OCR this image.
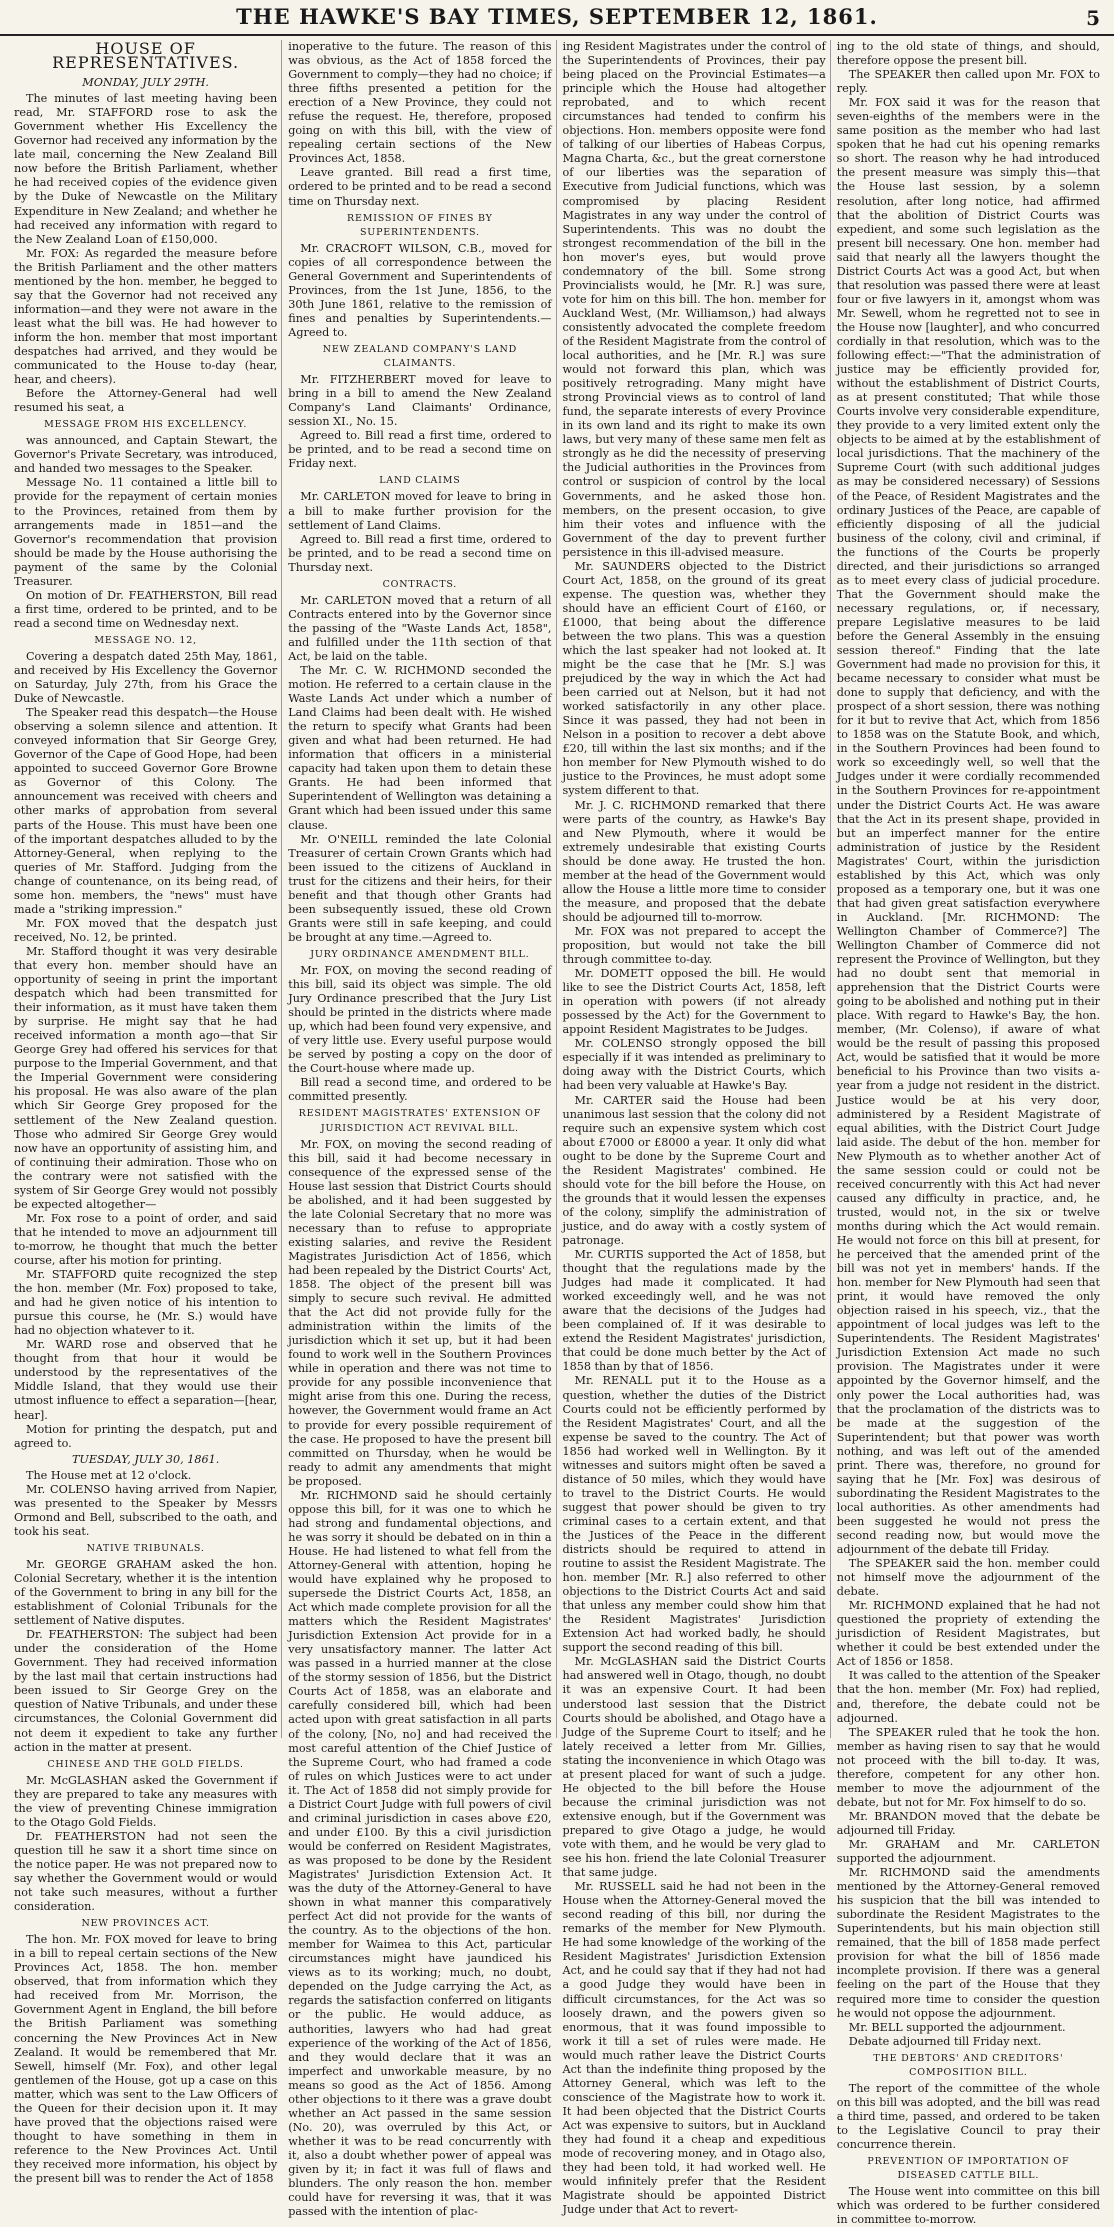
THE HAWKE'S BAY TIMES, SEPTEMBER 12, 1861.	5
HOUSE OF REPRESENTATIVES.

MONDAY, JULY 29TH.

The minutes of last meeting having been read, Mr. STAFFORD rose to ask the Government whether His Excellency the Governor had received any information by the late mail, concerning the New Zealand Bill now before the British Parliament, whether he had received copies of the evidence given by the Duke of Newcastle on the Military Expenditure in New Zealand; and whether he had received any information with regard to the New Zealand Loan of £150,000.

Mr. FOX: As regarded the measure before the British Parliament and the other matters mentioned by the hon. member, he begged to say that the Governor had not received any information—and they were not aware in the least what the bill was. He had however to inform the hon. member that most important despatches had arrived, and they would be communicated to the House to-day (hear, hear, and cheers).

Before the Attorney-General had well resumed his seat, a

MESSAGE FROM HIS EXCELLENCY.

was announced, and Captain Stewart, the Governor's Private Secretary, was introduced, and handed two messages to the Speaker.

Message No. 11 contained a little bill to provide for the repayment of certain monies to the Provinces, retained from them by arrangements made in 1851—and the Governor's recommendation that provision should be made by the House authorising the payment of the same by the Colonial Treasurer.

On motion of Dr. FEATHERSTON, Bill read a first time, ordered to be printed, and to be read a second time on Wednesday next.

MESSAGE NO. 12,

Covering a despatch dated 25th May, 1861, and received by His Excellency the Governor on Saturday, July 27th, from his Grace the Duke of Newcastle.

The Speaker read this despatch—the House observing a solemn silence and attention. It conveyed information that Sir George Grey, Governor of the Cape of Good Hope, had been appointed to succeed Governor Gore Browne as Governor of this Colony. The announcement was received with cheers and other marks of approbation from several parts of the House. This must have been one of the important despatches alluded to by the Attorney-General, when replying to the queries of Mr. Stafford. Judging from the change of countenance, on its being read, of some hon. members, the "news" must have made a "striking impression."

Mr. FOX moved that the despatch just received, No. 12, be printed.

Mr. Stafford thought it was very desirable that every hon. member should have an opportunity of seeing in print the important despatch which had been transmitted for their information, as it must have taken them by surprise. He might say that he had received information a month ago—that Sir George Grey had offered his services for that purpose to the Imperial Government, and that the Imperial Government were considering his proposal. He was also aware of the plan which Sir George Grey proposed for the settlement of the New Zealand question. Those who admired Sir George Grey would now have an opportunity of assisting him, and of continuing their admiration. Those who on the contrary were not satisfied with the system of Sir George Grey would not possibly be expected altogether—

Mr. Fox rose to a point of order, and said that he intended to move an adjournment till to-morrow, he thought that much the better course, after his motion for printing.

Mr. STAFFORD quite recognized the step the hon. member (Mr. Fox) proposed to take, and had he given notice of his intention to pursue this course, he (Mr. S.) would have had no objection whatever to it.

Mr. WARD rose and observed that he thought from that hour it would be understood by the representatives of the Middle Island, that they would use their utmost influence to effect a separation—[hear, hear].

Motion for printing the despatch, put and agreed to.

TUESDAY, JULY 30, 1861.

The House met at 12 o'clock.

Mr. COLENSO having arrived from Napier, was presented to the Speaker by Messrs Ormond and Bell, subscribed to the oath, and took his seat.

NATIVE TRIBUNALS.

Mr. GEORGE GRAHAM asked the hon. Colonial Secretary, whether it is the intention of the Government to bring in any bill for the establishment of Colonial Tribunals for the settlement of Native disputes.

Dr. FEATHERSTON: The subject had been under the consideration of the Home Government. They had received information by the last mail that certain instructions had been issued to Sir George Grey on the question of Native Tribunals, and under these circumstances, the Colonial Government did not deem it expedient to take any further action in the matter at present.

CHINESE AND THE GOLD FIELDS.

Mr. McGLASHAN asked the Government if they are prepared to take any measures with the view of preventing Chinese immigration to the Otago Gold Fields.

Dr. FEATHERSTON had not seen the question till he saw it a short time since on the notice paper. He was not prepared now to say whether the Government would or would not take such measures, without a further consideration.

NEW PROVINCES ACT.

The hon. Mr. FOX moved for leave to bring in a bill to repeal certain sections of the New Provinces Act, 1858. The hon. member observed, that from information which they had received from Mr. Morrison, the Government Agent in England, the bill before the British Parliament was something concerning the New Provinces Act in New Zealand. It would be remembered that Mr. Sewell, himself (Mr. Fox), and other legal gentlemen of the House, got up a case on this matter, which was sent to the Law Officers of the Queen for their decision upon it. It may have proved that the objections raised were thought to have something in them in reference to the New Provinces Act. Until they received more information, his object by the present bill was to render the Act of 1858

inoperative to the future. The reason of this was obvious, as the Act of 1858 forced the Government to comply—they had no choice; if three fifths presented a petition for the erection of a New Province, they could not refuse the request. He, therefore, proposed going on with this bill, with the view of repealing certain sections of the New Provinces Act, 1858.

Leave granted. Bill read a first time, ordered to be printed and to be read a second time on Thursday next.

REMISSION OF FINES BY SUPERINTENDENTS.

Mr. CRACROFT WILSON, C.B., moved for copies of all correspondence between the General Government and Superintendents of Provinces, from the 1st June, 1856, to the 30th June 1861, relative to the remission of fines and penalties by Superintendents.—Agreed to.

NEW ZEALAND COMPANY'S LAND CLAIMANTS.

Mr. FITZHERBERT moved for leave to bring in a bill to amend the New Zealand Company's Land Claimants' Ordinance, session XI., No. 15.

Agreed to. Bill read a first time, ordered to be printed, and to be read a second time on Friday next.

LAND CLAIMS

Mr. CARLETON moved for leave to bring in a bill to make further provision for the settlement of Land Claims.

Agreed to. Bill read a first time, ordered to be printed, and to be read a second time on Thursday next.

CONTRACTS.

Mr. CARLETON moved that a return of all Contracts entered into by the Governor since the passing of the "Waste Lands Act, 1858", and fulfilled under the 11th section of that Act, be laid on the table.

The Mr. C. W. RICHMOND seconded the motion. He referred to a certain clause in the Waste Lands Act under which a number of Land Claims had been dealt with. He wished the return to specify what Grants had been given and what had been returned. He had information that officers in a ministerial capacity had taken upon them to detain these Grants. He had been informed that Superintendent of Wellington was detaining a Grant which had been issued under this same clause.

Mr. O'NEILL reminded the late Colonial Treasurer of certain Crown Grants which had been issued to the citizens of Auckland in trust for the citizens and their heirs, for their benefit and that though other Grants had been subsequently issued, these old Crown Grants were still in safe keeping, and could be brought at any time.—Agreed to.

JURY ORDINANCE AMENDMENT BILL.

Mr. FOX, on moving the second reading of this bill, said its object was simple. The old Jury Ordinance prescribed that the Jury List should be printed in the districts where made up, which had been found very expensive, and of very little use. Every useful purpose would be served by posting a copy on the door of the Court-house where made up.

Bill read a second time, and ordered to be committed presently.

RESIDENT MAGISTRATES' EXTENSION OF JURISDICTION ACT REVIVAL BILL.

Mr. FOX, on moving the second reading of this bill, said it had become necessary in consequence of the expressed sense of the House last session that District Courts should be abolished, and it had been suggested by the late Colonial Secretary that no more was necessary than to refuse to appropriate existing salaries, and revive the Resident Magistrates Jurisdiction Act of 1856, which had been repealed by the District Courts' Act, 1858. The object of the present bill was simply to secure such revival. He admitted that the Act did not provide fully for the administration within the limits of the jurisdiction which it set up, but it had been found to work well in the Southern Provinces while in operation and there was not time to provide for any possible inconvenience that might arise from this one. During the recess, however, the Government would frame an Act to provide for every possible requirement of the case. He proposed to have the present bill committed on Thursday, when he would be ready to admit any amendments that might be proposed.

Mr. RICHMOND said he should certainly oppose this bill, for it was one to which he had strong and fundamental objections, and he was sorry it should be debated on in thin a House. He had listened to what fell from the Attorney-General with attention, hoping he would have explained why he proposed to supersede the District Courts Act, 1858, an Act which made complete provision for all the matters which the Resident Magistrates' Jurisdiction Extension Act provide for in a very unsatisfactory manner. The latter Act was passed in a hurried manner at the close of the stormy session of 1856, but the District Courts Act of 1858, was an elaborate and carefully considered bill, which had been acted upon with great satisfaction in all parts of the colony, [No, no] and had received the most careful attention of the Chief Justice of the Supreme Court, who had framed a code of rules on which Justices were to act under it. The Act of 1858 did not simply provide for a District Court Judge with full powers of civil and criminal jurisdiction in cases above £20, and under £100. By this a civil jurisdiction would be conferred on Resident Magistrates, as was proposed to be done by the Resident Magistrates' Jurisdiction Extension Act. It was the duty of the Attorney-General to have shown in what manner this comparatively perfect Act did not provide for the wants of the country. As to the objections of the hon. member for Waimea to this Act, particular circumstances might have jaundiced his views as to its working; much, no doubt, depended on the Judge carrying the Act, as regards the satisfaction conferred on litigants or the public. He would adduce, as authorities, lawyers who had had great experience of the working of the Act of 1856, and they would declare that it was an imperfect and unworkable measure, by no means so good as the Act of 1856. Among other objections to it there was a grave doubt whether an Act passed in the same session (No. 20), was overruled by this Act, or whether it was to be read concurrently with it, also a doubt whether power of appeal was given by it; in fact it was full of flaws and blunders. The only reason the hon. member could have for reversing it was, that it was passed with the intention of plac-

ing Resident Magistrates under the control of the Superintendents of Provinces, their pay being placed on the Provincial Estimates—a principle which the House had altogether reprobated, and to which recent circumstances had tended to confirm his objections. Hon. members opposite were fond of talking of our liberties of Habeas Corpus, Magna Charta, &c., but the great cornerstone of our liberties was the separation of Executive from Judicial functions, which was compromised by placing Resident Magistrates in any way under the control of Superintendents. This was no doubt the strongest recommendation of the bill in the hon mover's eyes, but would prove condemnatory of the bill. Some strong Provincialists would, he [Mr. R.] was sure, vote for him on this bill. The hon. member for Auckland West, (Mr. Williamson,) had always consistently advocated the complete freedom of the Resident Magistrate from the control of local authorities, and he [Mr. R.] was sure would not forward this plan, which was positively retrograding. Many might have strong Provincial views as to control of land fund, the separate interests of every Province in its own land and its right to make its own laws, but very many of these same men felt as strongly as he did the necessity of preserving the Judicial authorities in the Provinces from control or suspicion of control by the local Governments, and he asked those hon. members, on the present occasion, to give him their votes and influence with the Government of the day to prevent further persistence in this ill-advised measure.

Mr. SAUNDERS objected to the District Court Act, 1858, on the ground of its great expense. The question was, whether they should have an efficient Court of £160, or £1000, that being about the difference between the two plans. This was a question which the last speaker had not looked at. It might be the case that he [Mr. S.] was prejudiced by the way in which the Act had been carried out at Nelson, but it had not worked satisfactorily in any other place. Since it was passed, they had not been in Nelson in a position to recover a debt above £20, till within the last six months; and if the hon member for New Plymouth wished to do justice to the Provinces, he must adopt some system different to that.

Mr. J. C. RICHMOND remarked that there were parts of the country, as Hawke's Bay and New Plymouth, where it would be extremely undesirable that existing Courts should be done away. He trusted the hon. member at the head of the Government would allow the House a little more time to consider the measure, and proposed that the debate should be adjourned till to-morrow.

Mr. FOX was not prepared to accept the proposition, but would not take the bill through committee to-day.

Mr. DOMETT opposed the bill. He would like to see the District Courts Act, 1858, left in operation with powers (if not already possessed by the Act) for the Government to appoint Resident Magistrates to be Judges.

Mr. COLENSO strongly opposed the bill especially if it was intended as preliminary to doing away with the District Courts, which had been very valuable at Hawke's Bay.

Mr. CARTER said the House had been unanimous last session that the colony did not require such an expensive system which cost about £7000 or £8000 a year. It only did what ought to be done by the Supreme Court and the Resident Magistrates' combined. He should vote for the bill before the House, on the grounds that it would lessen the expenses of the colony, simplify the administration of justice, and do away with a costly system of patronage.

Mr. CURTIS supported the Act of 1858, but thought that the regulations made by the Judges had made it complicated. It had worked exceedingly well, and he was not aware that the decisions of the Judges had been complained of. If it was desirable to extend the Resident Magistrates' jurisdiction, that could be done much better by the Act of 1858 than by that of 1856.

Mr. RENALL put it to the House as a question, whether the duties of the District Courts could not be efficiently performed by the Resident Magistrates' Court, and all the expense be saved to the country. The Act of 1856 had worked well in Wellington. By it witnesses and suitors might often be saved a distance of 50 miles, which they would have to travel to the District Courts. He would suggest that power should be given to try criminal cases to a certain extent, and that the Justices of the Peace in the different districts should be required to attend in routine to assist the Resident Magistrate. The hon. member [Mr. R.] also referred to other objections to the District Courts Act and said that unless any member could show him that the Resident Magistrates' Jurisdiction Extension Act had worked badly, he should support the second reading of this bill.

Mr. McGLASHAN said the District Courts had answered well in Otago, though, no doubt it was an expensive Court. It had been understood last session that the District Courts should be abolished, and Otago have a Judge of the Supreme Court to itself; and he lately received a letter from Mr. Gillies, stating the inconvenience in which Otago was at present placed for want of such a judge. He objected to the bill before the House because the criminal jurisdiction was not extensive enough, but if the Government was prepared to give Otago a judge, he would vote with them, and he would be very glad to see his hon. friend the late Colonial Treasurer that same judge.

Mr. RUSSELL said he had not been in the House when the Attorney-General moved the second reading of this bill, nor during the remarks of the member for New Plymouth. He had some knowledge of the working of the Resident Magistrates' Jurisdiction Extension Act, and he could say that if they had not had a good Judge they would have been in difficult circumstances, for the Act was so loosely drawn, and the powers given so enormous, that it was found impossible to work it till a set of rules were made. He would much rather leave the District Courts Act than the indefinite thing proposed by the Attorney General, which was left to the conscience of the Magistrate how to work it. It had been objected that the District Courts Act was expensive to suitors, but in Auckland they had found it a cheap and expeditious mode of recovering money, and in Otago also, they had been told, it had worked well. He would infinitely prefer that the Resident Magistrate should be appointed District Judge under that Act to revert-

ing to the old state of things, and should, therefore oppose the present bill.

The SPEAKER then called upon Mr. FOX to reply.

Mr. FOX said it was for the reason that seven-eighths of the members were in the same position as the member who had last spoken that he had cut his opening remarks so short. The reason why he had introduced the present measure was simply this—that the House last session, by a solemn resolution, after long notice, had affirmed that the abolition of District Courts was expedient, and some such legislation as the present bill necessary. One hon. member had said that nearly all the lawyers thought the District Courts Act was a good Act, but when that resolution was passed there were at least four or five lawyers in it, amongst whom was Mr. Sewell, whom he regretted not to see in the House now [laughter], and who concurred cordially in that resolution, which was to the following effect:—"That the administration of justice may be efficiently provided for, without the establishment of District Courts, as at present constituted; That while those Courts involve very considerable expenditure, they provide to a very limited extent only the objects to be aimed at by the establishment of local jurisdictions. That the machinery of the Supreme Court (with such additional judges as may be considered necessary) of Sessions of the Peace, of Resident Magistrates and the ordinary Justices of the Peace, are capable of efficiently disposing of all the judicial business of the colony, civil and criminal, if the functions of the Courts be properly directed, and their jurisdictions so arranged as to meet every class of judicial procedure. That the Government should make the necessary regulations, or, if necessary, prepare Legislative measures to be laid before the General Assembly in the ensuing session thereof." Finding that the late Government had made no provision for this, it became necessary to consider what must be done to supply that deficiency, and with the prospect of a short session, there was nothing for it but to revive that Act, which from 1856 to 1858 was on the Statute Book, and which, in the Southern Provinces had been found to work so exceedingly well, so well that the Judges under it were cordially recommended in the Southern Provinces for re-appointment under the District Courts Act. He was aware that the Act in its present shape, provided in but an imperfect manner for the entire administration of justice by the Resident Magistrates' Court, within the jurisdiction established by this Act, which was only proposed as a temporary one, but it was one that had given great satisfaction everywhere in Auckland. [Mr. RICHMOND: The Wellington Chamber of Commerce?] The Wellington Chamber of Commerce did not represent the Province of Wellington, but they had no doubt sent that memorial in apprehension that the District Courts were going to be abolished and nothing put in their place. With regard to Hawke's Bay, the hon. member, (Mr. Colenso), if aware of what would be the result of passing this proposed Act, would be satisfied that it would be more beneficial to his Province than two visits a-year from a judge not resident in the district. Justice would be at his very door, administered by a Resident Magistrate of equal abilities, with the District Court Judge laid aside. The debut of the hon. member for New Plymouth as to whether another Act of the same session could or could not be received concurrently with this Act had never caused any difficulty in practice, and, he trusted, would not, in the six or twelve months during which the Act would remain. He would not force on this bill at present, for he perceived that the amended print of the bill was not yet in members' hands. If the hon. member for New Plymouth had seen that print, it would have removed the only objection raised in his speech, viz., that the appointment of local judges was left to the Superintendents. The Resident Magistrates' Jurisdiction Extension Act made no such provision. The Magistrates under it were appointed by the Governor himself, and the only power the Local authorities had, was that the proclamation of the districts was to be made at the suggestion of the Superintendent; but that power was worth nothing, and was left out of the amended print. There was, therefore, no ground for saying that he [Mr. Fox] was desirous of subordinating the Resident Magistrates to the local authorities. As other amendments had been suggested he would not press the second reading now, but would move the adjournment of the debate till Friday.

The SPEAKER said the hon. member could not himself move the adjournment of the debate.

Mr. RICHMOND explained that he had not questioned the propriety of extending the jurisdiction of Resident Magistrates, but whether it could be best extended under the Act of 1856 or 1858.

It was called to the attention of the Speaker that the hon. member (Mr. Fox) had replied, and, therefore, the debate could not be adjourned.

The SPEAKER ruled that he took the hon. member as having risen to say that he would not proceed with the bill to-day. It was, therefore, competent for any other hon. member to move the adjournment of the debate, but not for Mr. Fox himself to do so.

Mr. BRANDON moved that the debate be adjourned till Friday.

Mr. GRAHAM and Mr. CARLETON supported the adjournment.

Mr. RICHMOND said the amendments mentioned by the Attorney-General removed his suspicion that the bill was intended to subordinate the Resident Magistrates to the Superintendents, but his main objection still remained, that the bill of 1858 made perfect provision for what the bill of 1856 made incomplete provision. If there was a general feeling on the part of the House that they required more time to consider the question he would not oppose the adjournment.

Mr. BELL supported the adjournment.

Debate adjourned till Friday next.

THE DEBTORS' AND CREDITORS' COMPOSITION BILL.

The report of the committee of the whole on this bill was adopted, and the bill was read a third time, passed, and ordered to be taken to the Legislative Council to pray their concurrence therein.

PREVENTION OF IMPORTATION OF DISEASED CATTLE BILL.

The House went into committee on this bill which was ordered to be further considered in committee to-morrow.
